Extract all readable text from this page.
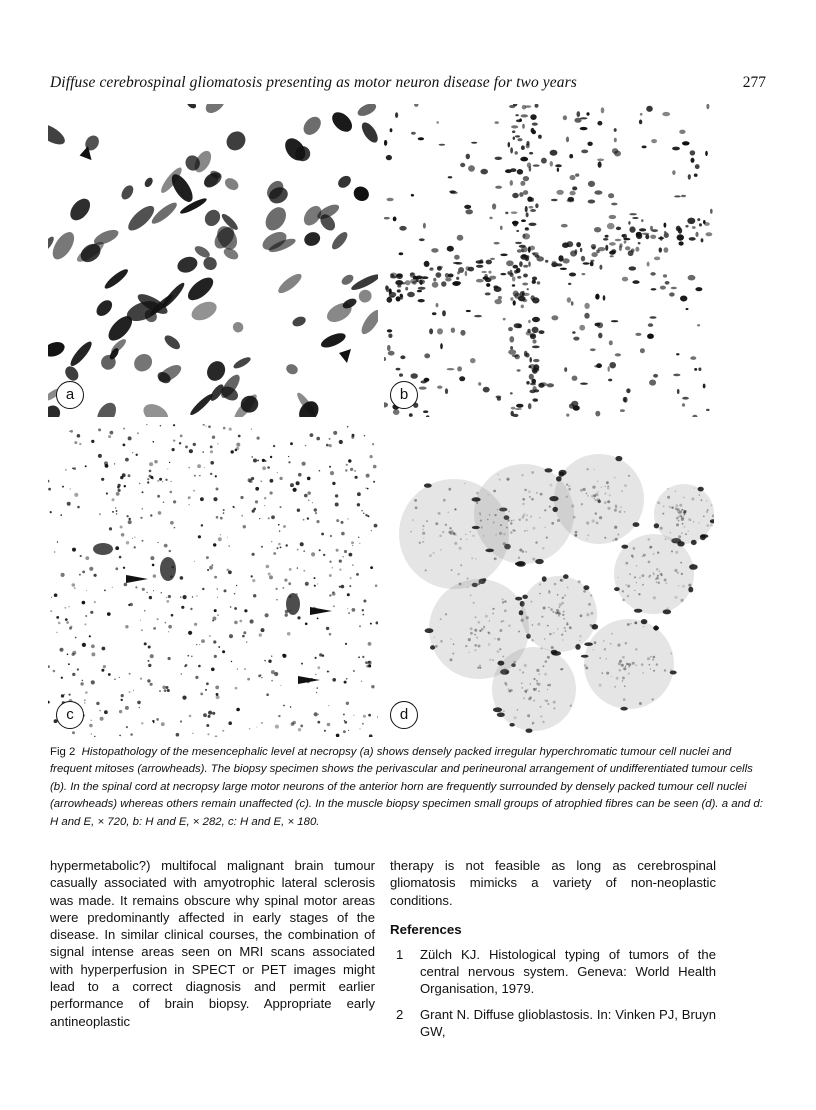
Diffuse cerebrospinal gliomatosis presenting as motor neuron disease for two years	277
a	b
c	d
Fig 2 Histopathology of the mesencephalic level at necropsy (a) shows densely packed irregular hyperchromatic tumour cell nuclei and frequent mitoses (arrowheads). The biopsy specimen shows the perivascular and perineuronal arrangement of undifferentiated tumour cells (b). In the spinal cord at necropsy large motor neurons of the anterior horn are frequently surrounded by densely packed tumour cell nuclei (arrowheads) whereas others remain unaffected (c). In the muscle biopsy specimen small groups of atrophied fibres can be seen (d). a and d: H and E, × 720, b: H and E, × 282, c: H and E, × 180.

hypermetabolic?) multifocal malignant brain tumour casually associated with amyotrophic lateral sclerosis was made. It remains obscure why spinal motor areas were predominantly affected in early stages of the disease. In similar clinical courses, the combination of signal intense areas seen on MRI scans associated with hyperperfusion in SPECT or PET images might lead to a correct diagnosis and permit earlier performance of brain biopsy. Appropriate early antineoplastic

therapy is not feasible as long as cerebrospinal gliomatosis mimicks a variety of non-neoplastic conditions.

References
1 Zülch KJ. Histological typing of tumors of the central nervous system. Geneva: World Health Organisation, 1979.
2 Grant N. Diffuse glioblastosis. In: Vinken PJ, Bruyn GW,
